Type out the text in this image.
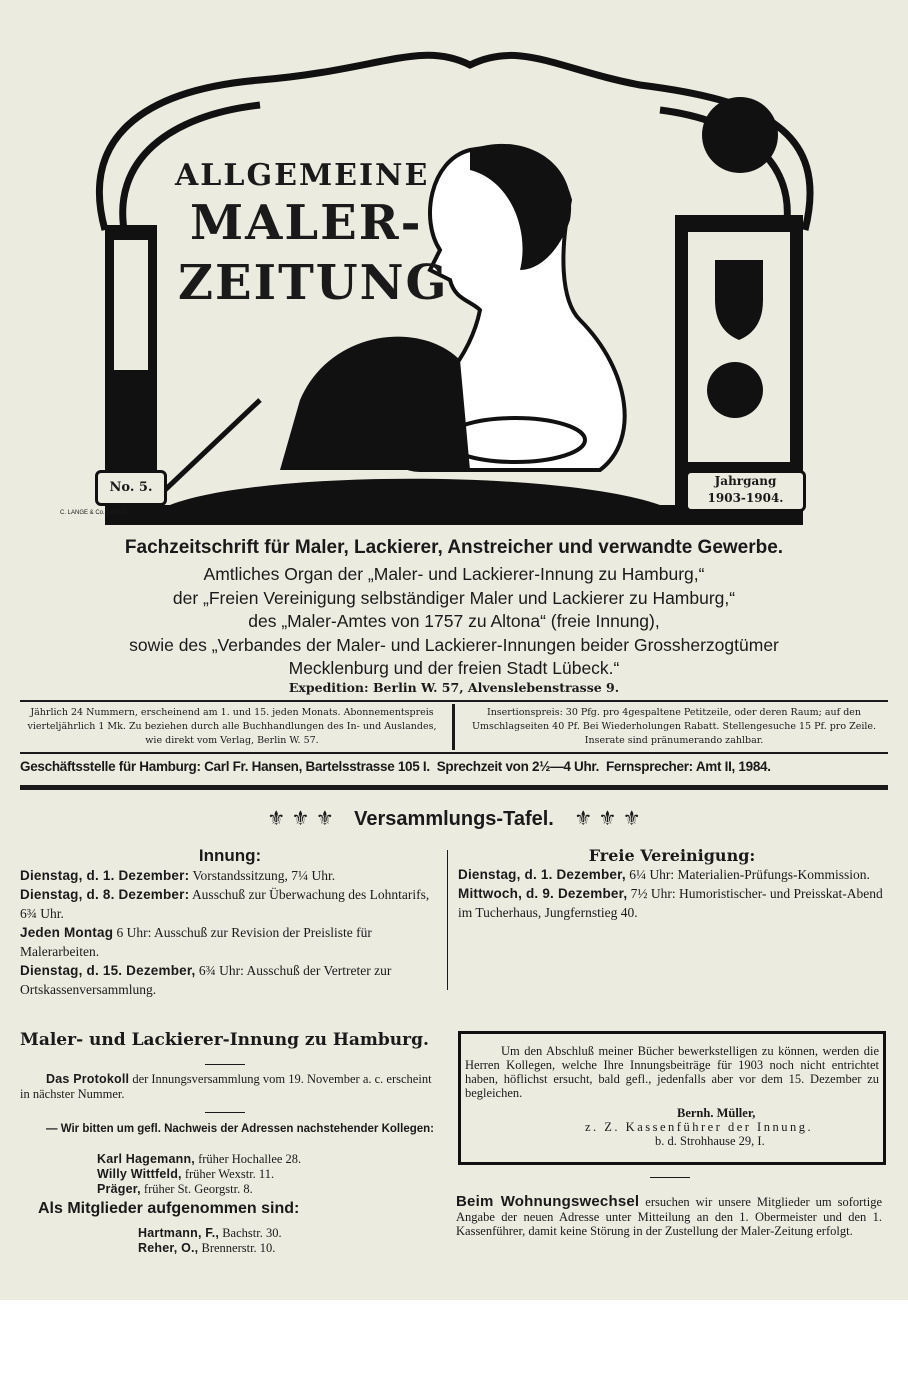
ALLGEMEINE
MALER-
ZEITUNG
No. 5.	Jahrgang
1903-1904.
C. LANGE & Co. BERLIN.
Fachzeitschrift für Maler, Lackierer, Anstreicher und verwandte Gewerbe.
Amtliches Organ der „Maler- und Lackierer-Innung zu Hamburg,“
der „Freien Vereinigung selbständiger Maler und Lackierer zu Hamburg,“
des „Maler-Amtes von 1757 zu Altona“ (freie Innung),
sowie des „Verbandes der Maler- und Lackierer-Innungen beider Grossherzogtümer
Mecklenburg und der freien Stadt Lübeck.“
Expedition: Berlin W. 57, Alvenslebenstrasse 9.
Jährlich 24 Nummern, erscheinend am 1. und 15. jeden Monats. Abonnementspreis vierteljährlich 1 Mk. Zu beziehen durch alle Buchhandlungen des In- und Auslandes, wie direkt vom Verlag, Berlin W. 57.
Insertionspreis: 30 Pfg. pro 4gespaltene Petitzeile, oder deren Raum; auf den Umschlagseiten 40 Pf. Bei Wiederholungen Rabatt. Stellengesuche 15 Pf. pro Zeile. Inserate sind pränumerando zahlbar.
Geschäftsstelle für Hamburg: Carl Fr. Hansen, Bartelsstrasse 105 I.  Sprechzeit von 2½—4 Uhr.  Fernsprecher: Amt II, 1984.
⚜ ⚜ ⚜ Versammlungs-Tafel. ⚜ ⚜ ⚜
Innung:
Dienstag, d. 1. Dezember: Vorstandssitzung, 7¼ Uhr.
Dienstag, d. 8. Dezember: Ausschuß zur Überwachung des Lohntarifs, 6¾ Uhr.
Jeden Montag 6 Uhr: Ausschuß zur Revision der Preisliste für Malerarbeiten.
Dienstag, d. 15. Dezember, 6¾ Uhr: Ausschuß der Vertreter zur Ortskassenversammlung.
Freie Vereinigung:
Dienstag, d. 1. Dezember, 6¼ Uhr: Materialien-Prüfungs-Kommission.
Mittwoch, d. 9. Dezember, 7½ Uhr: Humoristischer- und Preisskat-Abend im Tucherhaus, Jungfernstieg 40.
Maler- und Lackierer-Innung zu Hamburg.
Das Protokoll der Innungsversammlung vom 19. November a. c. erscheint in nächster Nummer.
— Wir bitten um gefl. Nachweis der Adressen nachstehender Kollegen:
Karl Hagemann, früher Hochallee 28.
Willy Wittfeld, früher Wexstr. 11.
Präger, früher St. Georgstr. 8.
Als Mitglieder aufgenommen sind:
Hartmann, F., Bachstr. 30.
Reher, O., Brennerstr. 10.
Um den Abschluß meiner Bücher bewerkstelligen zu können, werden die Herren Kollegen, welche Ihre Innungsbeiträge für 1903 noch nicht entrichtet haben, höflichst ersucht, bald gefl., jedenfalls aber vor dem 15. Dezember zu begleichen.
Bernh. Müller,
z. Z. Kassenführer der Innung.
b. d. Strohhause 29, I.
Beim Wohnungswechsel ersuchen wir unsere Mitglieder um sofortige Angabe der neuen Adresse unter Mitteilung an den 1. Obermeister und den 1. Kassenführer, damit keine Störung in der Zustellung der Maler-Zeitung erfolgt.
